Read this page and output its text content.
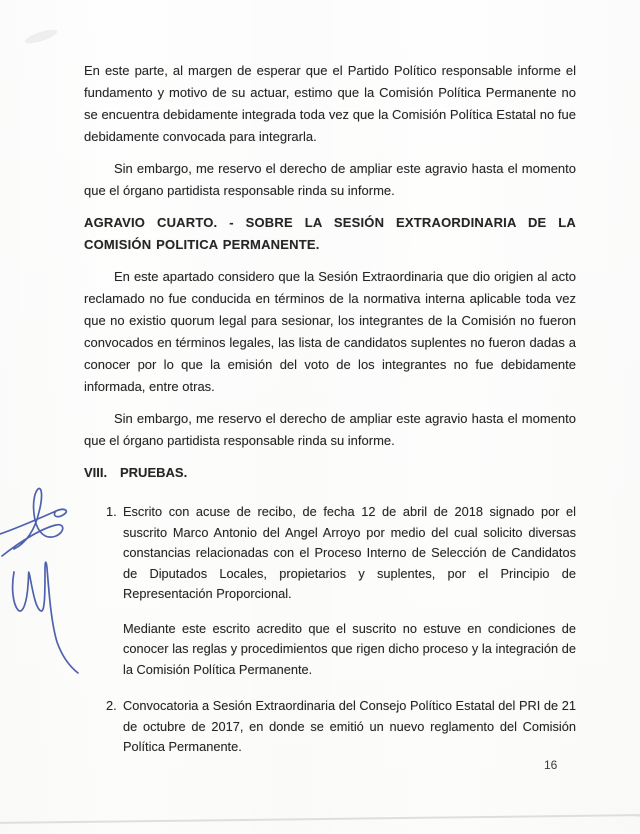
En este parte, al margen de esperar que el Partido Político responsable informe el fundamento y motivo de su actuar, estimo que la Comisión Política Permanente no se encuentra debidamente integrada toda vez que la Comisión Política Estatal no fue debidamente convocada para integrarla.

Sin embargo, me reservo el derecho de ampliar este agravio hasta el momento que el órgano partidista responsable rinda su informe.

AGRAVIO CUARTO. - SOBRE LA SESIÓN EXTRAORDINARIA DE LA COMISIÓN POLITICA PERMANENTE.

En este apartado considero que la Sesión Extraordinaria que dio origien al acto reclamado no fue conducida en términos de la normativa interna aplicable toda vez que no existio quorum legal para sesionar, los integrantes de la Comisión no fueron convocados en términos legales, las lista de candidatos suplentes no fueron dadas a conocer por lo que la emisión del voto de los integrantes no fue debidamente informada, entre otras.

Sin embargo, me reservo el derecho de ampliar este agravio hasta el momento que el órgano partidista responsable rinda su informe.

VIII. PRUEBAS.
1. Escrito con acuse de recibo, de fecha 12 de abril de 2018 signado por el suscrito Marco Antonio del Angel Arroyo por medio del cual solicito diversas constancias relacionadas con el Proceso Interno de Selección de Candidatos de Diputados Locales, propietarios y suplentes, por el Principio de Representación Proporcional.

Mediante este escrito acredito que el suscrito no estuve en condiciones de conocer las reglas y procedimientos que rigen dicho proceso y la integración de la Comisión Política Permanente.

2. Convocatoria a Sesión Extraordinaria del Consejo Político Estatal del PRI de 21 de octubre de 2017, en donde se emitió un nuevo reglamento del Comisión Política Permanente.
16
